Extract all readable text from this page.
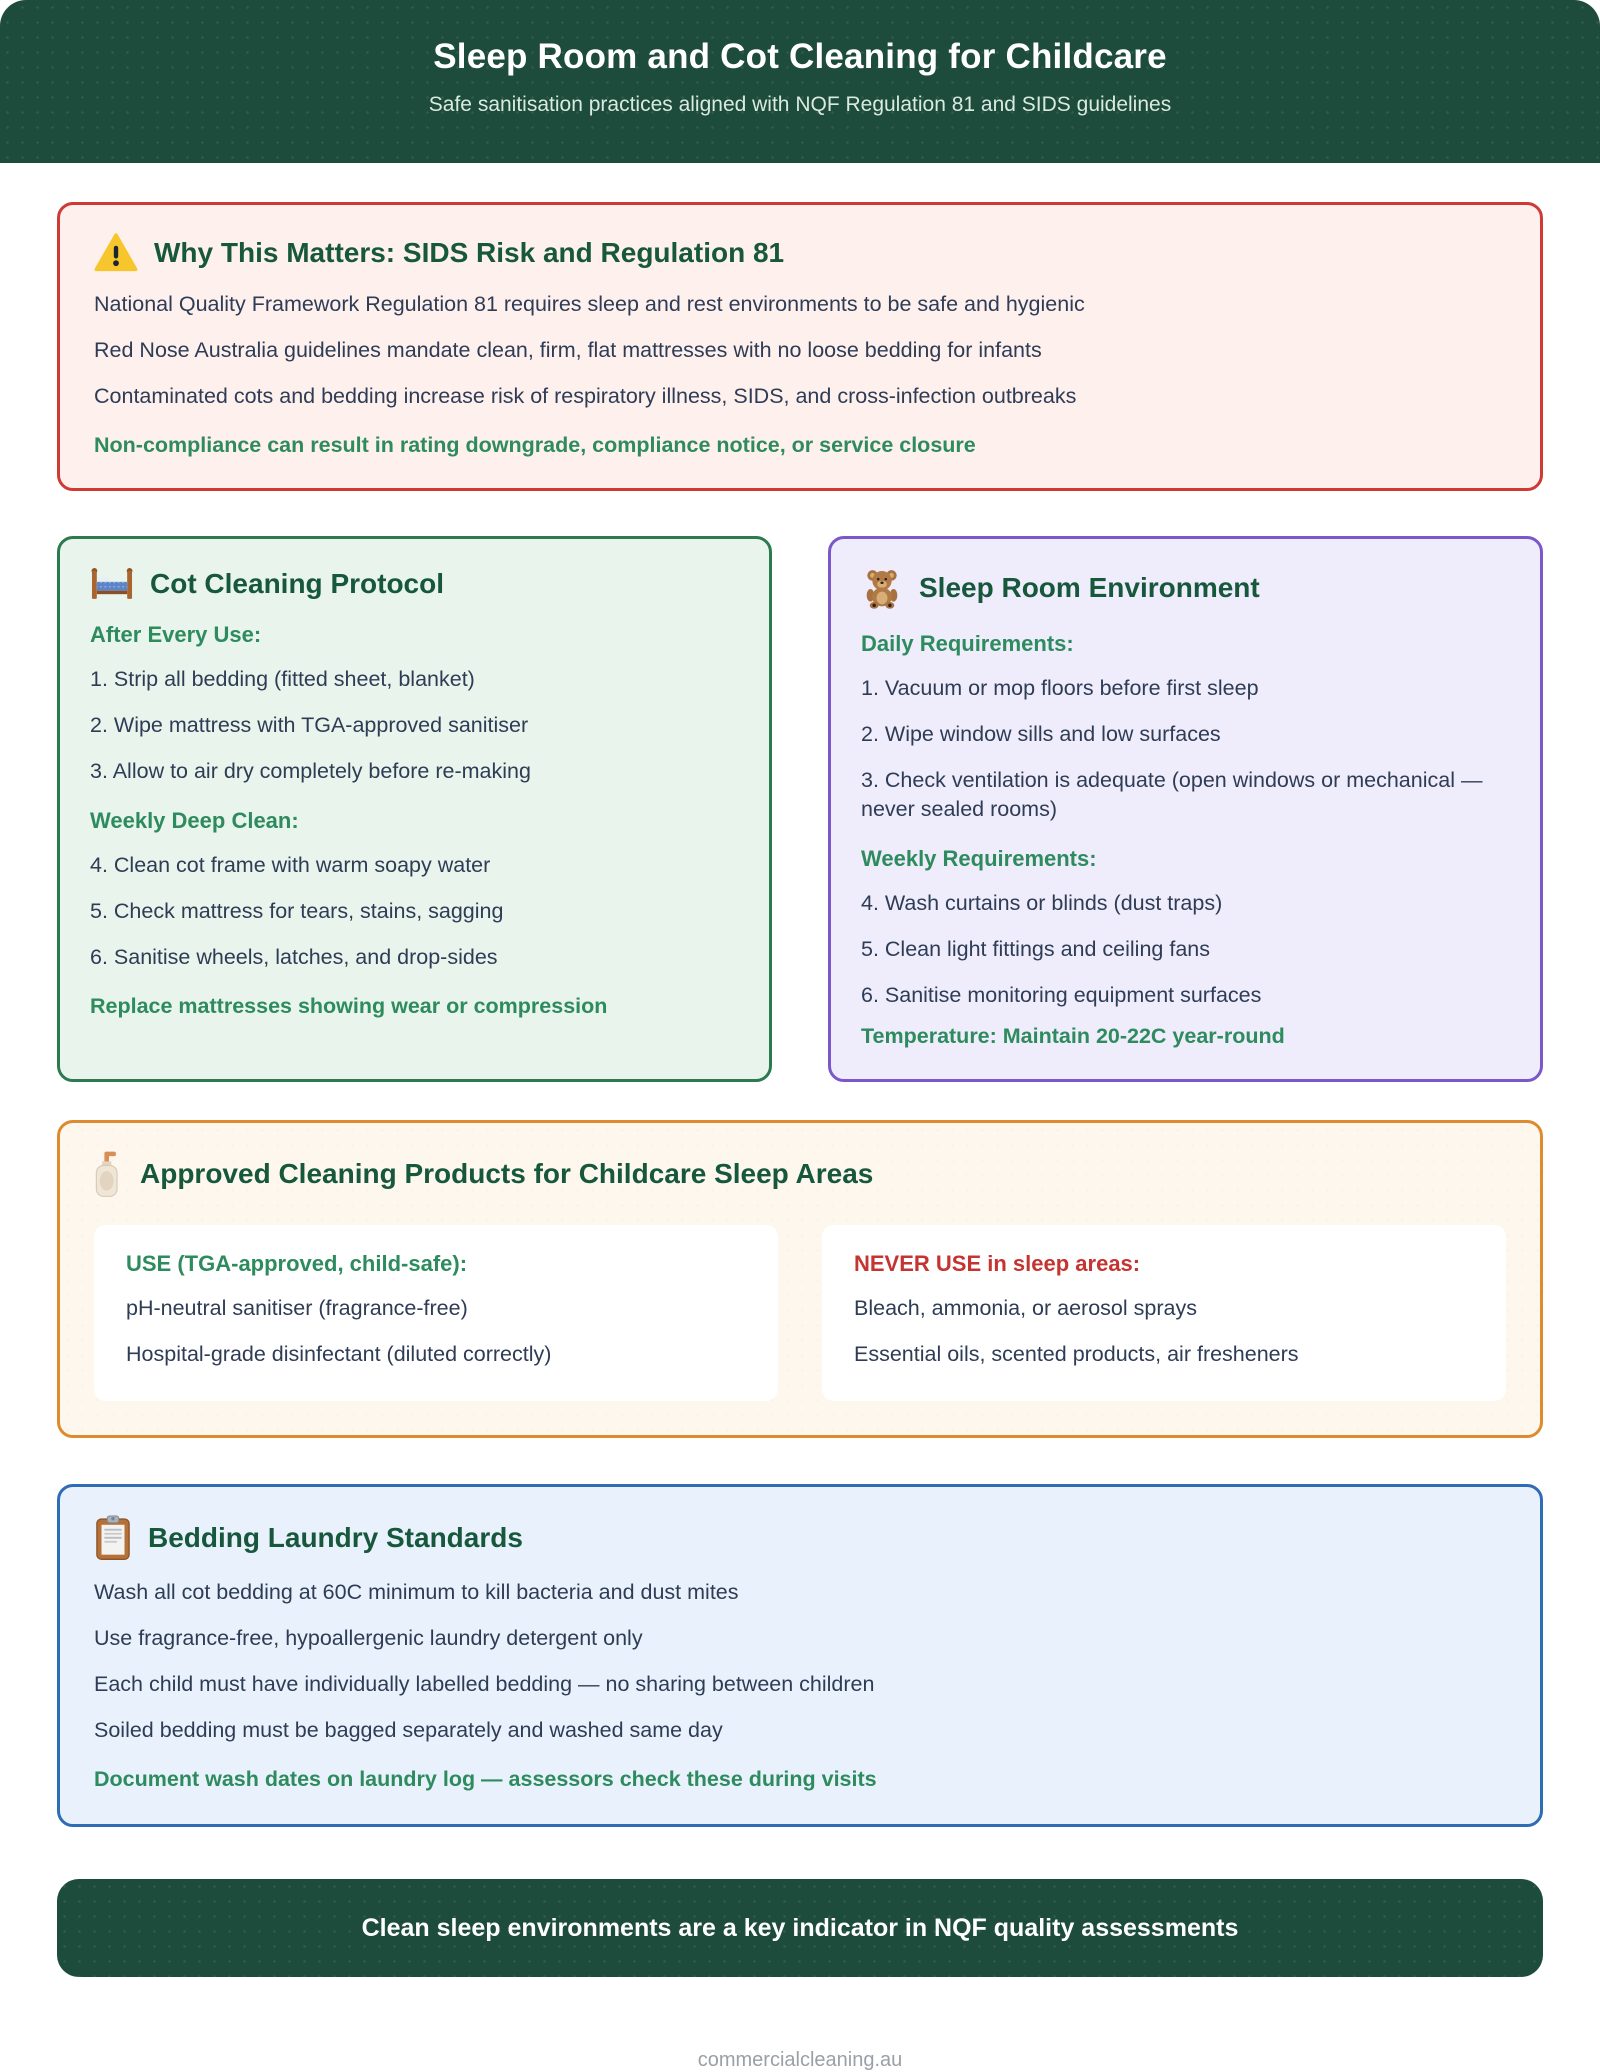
Sleep Room and Cot Cleaning for Childcare
Safe sanitisation practices aligned with NQF Regulation 81 and SIDS guidelines
Why This Matters: SIDS Risk and Regulation 81
National Quality Framework Regulation 81 requires sleep and rest environments to be safe and hygienic
Red Nose Australia guidelines mandate clean, firm, flat mattresses with no loose bedding for infants
Contaminated cots and bedding increase risk of respiratory illness, SIDS, and cross-infection outbreaks
Non-compliance can result in rating downgrade, compliance notice, or service closure
Cot Cleaning Protocol
After Every Use:
1. Strip all bedding (fitted sheet, blanket)
2. Wipe mattress with TGA-approved sanitiser
3. Allow to air dry completely before re-making
Weekly Deep Clean:
4. Clean cot frame with warm soapy water
5. Check mattress for tears, stains, sagging
6. Sanitise wheels, latches, and drop-sides
Replace mattresses showing wear or compression
Sleep Room Environment
Daily Requirements:
1. Vacuum or mop floors before first sleep
2. Wipe window sills and low surfaces
3. Check ventilation is adequate (open windows or mechanical — never sealed rooms)
Weekly Requirements:
4. Wash curtains or blinds (dust traps)
5. Clean light fittings and ceiling fans
6. Sanitise monitoring equipment surfaces
Temperature: Maintain 20-22C year-round
Approved Cleaning Products for Childcare Sleep Areas
USE (TGA-approved, child-safe):
pH-neutral sanitiser (fragrance-free)
Hospital-grade disinfectant (diluted correctly)
NEVER USE in sleep areas:
Bleach, ammonia, or aerosol sprays
Essential oils, scented products, air fresheners
Bedding Laundry Standards
Wash all cot bedding at 60C minimum to kill bacteria and dust mites
Use fragrance-free, hypoallergenic laundry detergent only
Each child must have individually labelled bedding — no sharing between children
Soiled bedding must be bagged separately and washed same day
Document wash dates on laundry log — assessors check these during visits
Clean sleep environments are a key indicator in NQF quality assessments
commercialcleaning.au
